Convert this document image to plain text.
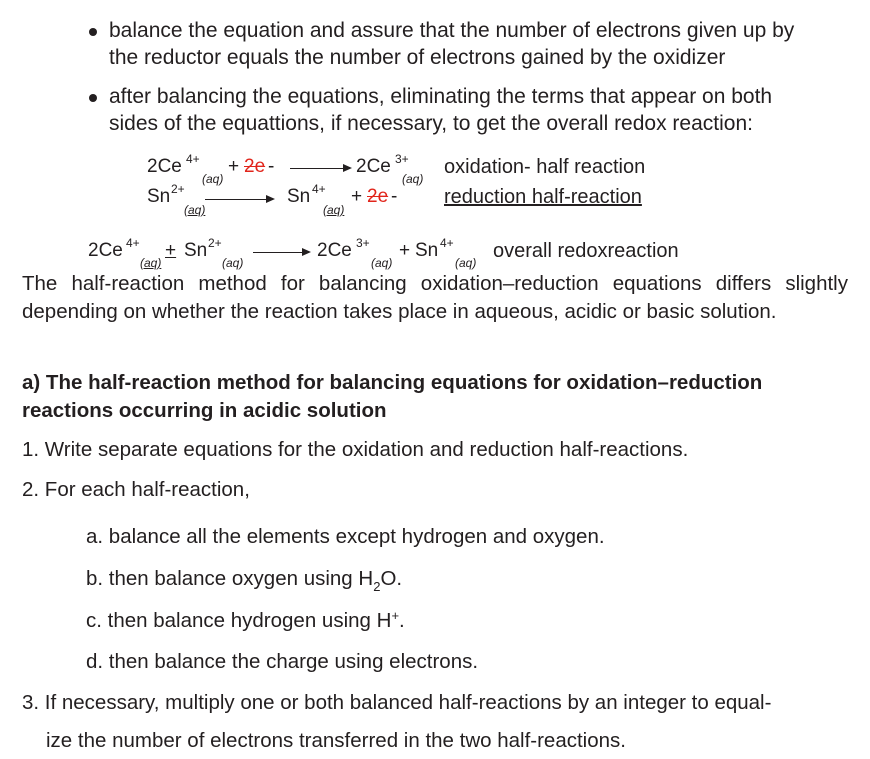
balance the equation and assure that the number of electrons given up by
the reductor equals the number of electrons gained by the oxidizer
after balancing the equations, eliminating the terms that appear on both
sides of the equattions, if necessary, to get the overall redox reaction:
2Ce 4+
(aq)
+ 2e -	2Ce 3+
(aq)
oxidation- half reaction
Sn 2+
(aq)
Sn 4+
(aq)
+ 2e - reduction half-reaction
2Ce 4+
(aq)
+ Sn 2+
(aq)
2Ce 3+
(aq)
+ Sn 4+
(aq)
overall redoxreaction
The half-reaction method for balancing oxidation–reduction equations differs slightly depending on whether the reaction takes place in aqueous, acidic or basic solution.
a) The half-reaction method for balancing equations for oxidation–reduction reactions occurring in acidic solution
1. Write separate equations for the oxidation and reduction half-reactions.
2. For each half-reaction,
a. balance all the elements except hydrogen and oxygen.
b. then balance oxygen using $H_2O$.
c. then balance hydrogen using H+.
d. then balance the charge using electrons.
3. If necessary, multiply one or both balanced half-reactions by an integer to equal-
ize the number of electrons transferred in the two half-reactions.
